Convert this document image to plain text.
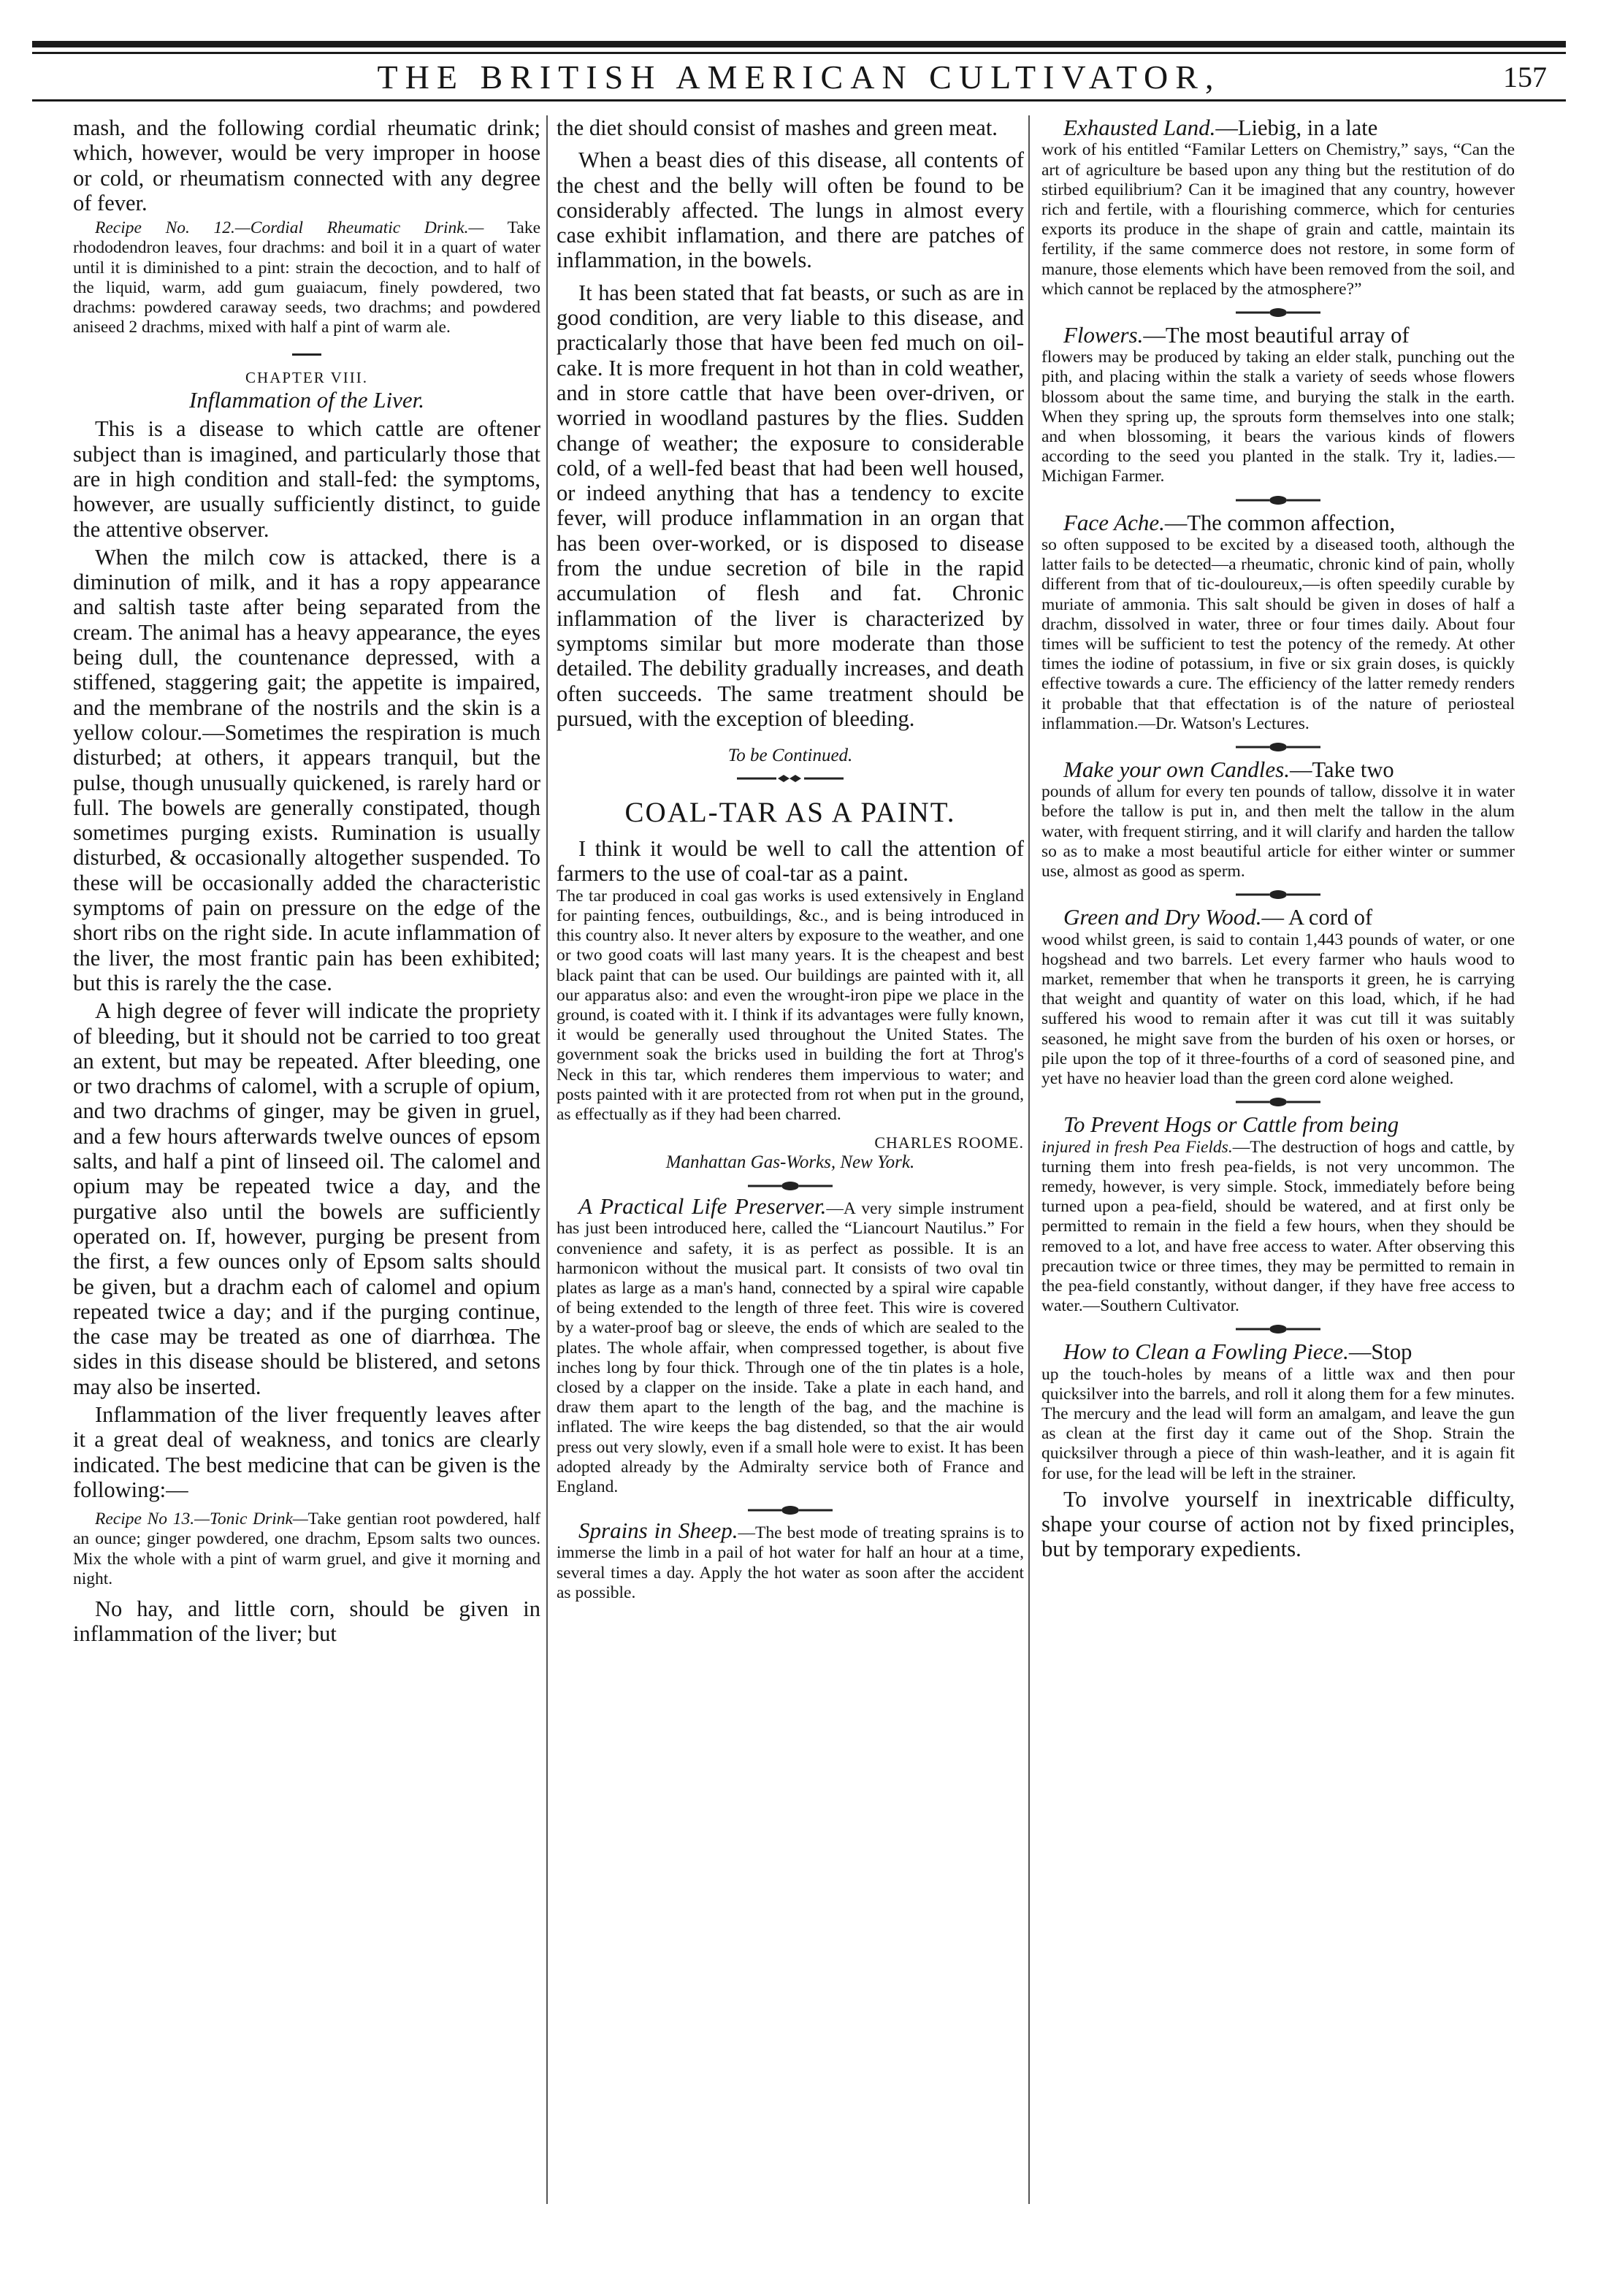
THE BRITISH AMERICAN CULTIVATOR,	157

mash, and the following cordial rheumatic drink; which, however, would be very improper in hoose or cold, or rheumatism connected with any degree of fever.

Recipe No. 12.—Cordial Rheumatic Drink.— Take rhododendron leaves, four drachms: and boil it in a quart of water until it is diminished to a pint: strain the decoction, and to half of the liquid, warm, add gum guaiacum, finely powdered, two drachms: powdered caraway seeds, two drachms; and powdered aniseed 2 drachms, mixed with half a pint of warm ale.

CHAPTER VIII.
Inflammation of the Liver.

This is a disease to which cattle are oftener subject than is imagined, and particularly those that are in high condition and stall-fed: the symptoms, however, are usually sufficiently distinct, to guide the attentive observer.

When the milch cow is attacked, there is a diminution of milk, and it has a ropy appearance and saltish taste after being separated from the cream. The animal has a heavy appearance, the eyes being dull, the countenance depressed, with a stiffened, staggering gait; the appetite is impaired, and the membrane of the nostrils and the skin is a yellow colour.—Sometimes the respiration is much disturbed; at others, it appears tranquil, but the pulse, though unusually quickened, is rarely hard or full. The bowels are generally constipated, though sometimes purging exists. Rumination is usually disturbed, & occasionally altogether suspended. To these will be occasionally added the characteristic symptoms of pain on pressure on the edge of the short ribs on the right side. In acute inflammation of the liver, the most frantic pain has been exhibited; but this is rarely the the case.

A high degree of fever will indicate the propriety of bleeding, but it should not be carried to too great an extent, but may be repeated. After bleeding, one or two drachms of calomel, with a scruple of opium, and two drachms of ginger, may be given in gruel, and a few hours afterwards twelve ounces of epsom salts, and half a pint of linseed oil. The calomel and opium may be repeated twice a day, and the purgative also until the bowels are sufficiently operated on. If, however, purging be present from the first, a few ounces only of Epsom salts should be given, but a drachm each of calomel and opium repeated twice a day; and if the purging continue, the case may be treated as one of diarrhœa. The sides in this disease should be blistered, and setons may also be inserted.

Inflammation of the liver frequently leaves after it a great deal of weakness, and tonics are clearly indicated. The best medicine that can be given is the following:—

Recipe No 13.—Tonic Drink—Take gentian root powdered, half an ounce; ginger powdered, one drachm, Epsom salts two ounces. Mix the whole with a pint of warm gruel, and give it morning and night.

No hay, and little corn, should be given in inflammation of the liver; but

the diet should consist of mashes and green meat.

When a beast dies of this disease, all contents of the chest and the belly will often be found to be considerably affected. The lungs in almost every case exhibit inflamation, and there are patches of inflammation, in the bowels.

It has been stated that fat beasts, or such as are in good condition, are very liable to this disease, and practicalarly those that have been fed much on oil-cake. It is more frequent in hot than in cold weather, and in store cattle that have been over-driven, or worried in woodland pastures by the flies. Sudden change of weather; the exposure to considerable cold, of a well-fed beast that had been well housed, or indeed anything that has a tendency to excite fever, will produce inflammation in an organ that has been over-worked, or is disposed to disease from the undue secretion of bile in the rapid accumulation of flesh and fat. Chronic inflammation of the liver is characterized by symptoms similar but more moderate than those detailed. The debility gradually increases, and death often succeeds. The same treatment should be pursued, with the exception of bleeding.

To be Continued.
COAL-TAR AS A PAINT.

I think it would be well to call the attention of farmers to the use of coal-tar as a paint.

The tar produced in coal gas works is used extensively in England for painting fences, outbuildings, &c., and is being introduced in this country also. It never alters by exposure to the weather, and one or two good coats will last many years. It is the cheapest and best black paint that can be used. Our buildings are painted with it, all our apparatus also: and even the wrought-iron pipe we place in the ground, is coated with it. I think if its advantages were fully known, it would be generally used throughout the United States. The government soak the bricks used in building the fort at Throg's Neck in this tar, which renderes them impervious to water; and posts painted with it are protected from rot when put in the ground, as effectually as if they had been charred.

CHARLES ROOME.
Manhattan Gas-Works, New York.

A Practical Life Preserver.—A very simple instrument has just been introduced here, called the “Liancourt Nautilus.” For convenience and safety, it is as perfect as possible. It is an harmonicon without the musical part. It consists of two oval tin plates as large as a man's hand, connected by a spiral wire capable of being extended to the length of three feet. This wire is covered by a water-proof bag or sleeve, the ends of which are sealed to the plates. The whole affair, when compressed together, is about five inches long by four thick. Through one of the tin plates is a hole, closed by a clapper on the inside. Take a plate in each hand, and draw them apart to the length of the bag, and the machine is inflated. The wire keeps the bag distended, so that the air would press out very slowly, even if a small hole were to exist. It has been adopted already by the Admiralty service both of France and England.

Sprains in Sheep.—The best mode of treating sprains is to immerse the limb in a pail of hot water for half an hour at a time, several times a day. Apply the hot water as soon after the accident as possible.

Exhausted Land.—Liebig, in a late

work of his entitled “Familar Letters on Chemistry,” says, “Can the art of agriculture be based upon any thing but the restitution of do stirbed equilibrium? Can it be imagined that any country, however rich and fertile, with a flourishing commerce, which for centuries exports its produce in the shape of grain and cattle, maintain its fertility, if the same commerce does not restore, in some form of manure, those elements which have been removed from the soil, and which cannot be replaced by the atmosphere?”

Flowers.—The most beautiful array of

flowers may be produced by taking an elder stalk, punching out the pith, and placing within the stalk a variety of seeds whose flowers blossom about the same time, and burying the stalk in the earth. When they spring up, the sprouts form themselves into one stalk; and when blossoming, it bears the various kinds of flowers according to the seed you planted in the stalk. Try it, ladies.—Michigan Farmer.

Face Ache.—The common affection,

so often supposed to be excited by a diseased tooth, although the latter fails to be detected—a rheumatic, chronic kind of pain, wholly different from that of tic-douloureux,—is often speedily curable by muriate of ammonia. This salt should be given in doses of half a drachm, dissolved in water, three or four times daily. About four times will be sufficient to test the potency of the remedy. At other times the iodine of potassium, in five or six grain doses, is quickly effective towards a cure. The efficiency of the latter remedy renders it probable that that effectation is of the nature of periosteal inflammation.—Dr. Watson's Lectures.

Make your own Candles.—Take two

pounds of allum for every ten pounds of tallow, dissolve it in water before the tallow is put in, and then melt the tallow in the alum water, with frequent stirring, and it will clarify and harden the tallow so as to make a most beautiful article for either winter or summer use, almost as good as sperm.

Green and Dry Wood.— A cord of

wood whilst green, is said to contain 1,443 pounds of water, or one hogshead and two barrels. Let every farmer who hauls wood to market, remember that when he transports it green, he is carrying that weight and quantity of water on this load, which, if he had suffered his wood to remain after it was cut till it was suitably seasoned, he might save from the burden of his oxen or horses, or pile upon the top of it three-fourths of a cord of seasoned pine, and yet have no heavier load than the green cord alone weighed.

To Prevent Hogs or Cattle from being

injured in fresh Pea Fields.—The destruction of hogs and cattle, by turning them into fresh pea-fields, is not very uncommon. The remedy, however, is very simple. Stock, immediately before being turned upon a pea-field, should be watered, and at first only be permitted to remain in the field a few hours, when they should be removed to a lot, and have free access to water. After observing this precaution twice or three times, they may be permitted to remain in the pea-field constantly, without danger, if they have free access to water.—Southern Cultivator.

How to Clean a Fowling Piece.—Stop

up the touch-holes by means of a little wax and then pour quicksilver into the barrels, and roll it along them for a few minutes. The mercury and the lead will form an amalgam, and leave the gun as clean at the first day it came out of the Shop. Strain the quicksilver through a piece of thin wash-leather, and it is again fit for use, for the lead will be left in the strainer.

To involve yourself in inextricable difficulty, shape your course of action not by fixed principles, but by temporary expedients.
